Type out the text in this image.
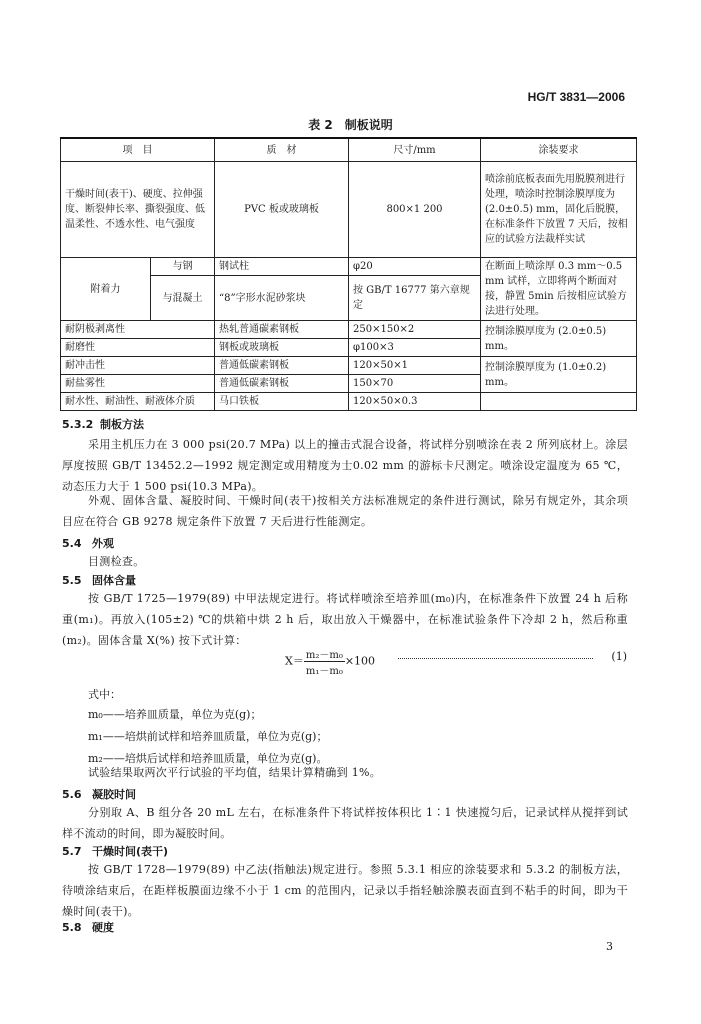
HG/T 3831—2006
表 2　制板说明
项　目		质　材	尺寸/mm	涂装要求
干燥时间(表干)、硬度、拉伸强度、断裂伸长率、撕裂强度、低温柔性、不透水性、电气强度		PVC 板或玻璃板	800×1 200	喷涂前底板表面先用脱膜剂进行处理，喷涂时控制涂膜厚度为(2.0±0.5) mm，固化后脱膜，在标准条件下放置 7 天后，按相应的试验方法裁样实试
附着力	与钢	钢试柱	φ20	在断面上喷涂厚 0.3 mm～0.5 mm 试样，立即将两个断面对接，静置 5min 后按相应试验方法进行处理。
	与混凝土	“8”字形水泥砂浆块	按 GB/T 16777 第六章规定	
耐阴极剥离性		热轧普通碳素钢板	250×150×2	控制涂膜厚度为 (2.0±0.5) mm。
耐磨性		钢板或玻璃板	φ100×3	
耐冲击性		普通低碳素钢板	120×50×1	控制涂膜厚度为 (1.0±0.2) mm。
耐盐雾性		普通低碳素钢板	150×70	
耐水性、耐油性、耐液体介质		马口铁板	120×50×0.3	
5.3.2 制板方法
采用主机压力在 3 000 psi(20.7 MPa) 以上的撞击式混合设备，将试样分别喷涂在表 2 所列底材上。涂层厚度按照 GB/T 13452.2—1992 规定测定或用精度为士0.02 mm 的游标卡尺测定。喷涂设定温度为 65 ℃，动态压力大于 1 500 psi(10.3 MPa)。
外观、固体含量、凝胶时间、干燥时间(表干)按相关方法标准规定的条件进行测试，除另有规定外，其余项目应在符合 GB 9278 规定条件下放置 7 天后进行性能测定。
5.4 外观
目测检查。
5.5 固体含量
按 GB/T 1725—1979(89) 中甲法规定进行。将试样喷涂至培养皿(m₀)内，在标准条件下放置 24 h 后称重(m₁)。再放入(105±2) ℃的烘箱中烘 2 h 后，取出放入干燥器中，在标准试验条件下冷却 2 h，然后称重(m₂)。固体含量 X(%) 按下式计算：
$X= \frac{\text{m₂－m₀}}{\text{m₁－m₀}} \times 100$	(1)
式中：
m₀——培养皿质量，单位为克(g)；
m₁——培烘前试样和培养皿质量，单位为克(g)；
m₂——培烘后试样和培养皿质量，单位为克(g)。
试验结果取两次平行试验的平均值，结果计算精确到 1%。
5.6 凝胶时间
分别取 A、B 组分各 20 mL 左右，在标准条件下将试样按体积比 1∶1 快速搅匀后，记录试样从搅拌到试样不流动的时间，即为凝胶时间。
5.7 干燥时间(表干)
按 GB/T 1728—1979(89) 中乙法(指触法)规定进行。参照 5.3.1 相应的涂装要求和 5.3.2 的制板方法，待喷涂结束后，在距样板膜面边缘不小于 1 cm 的范围内，记录以手指轻触涂膜表面直到不粘手的时间，即为干燥时间(表干)。
5.8 硬度
3
